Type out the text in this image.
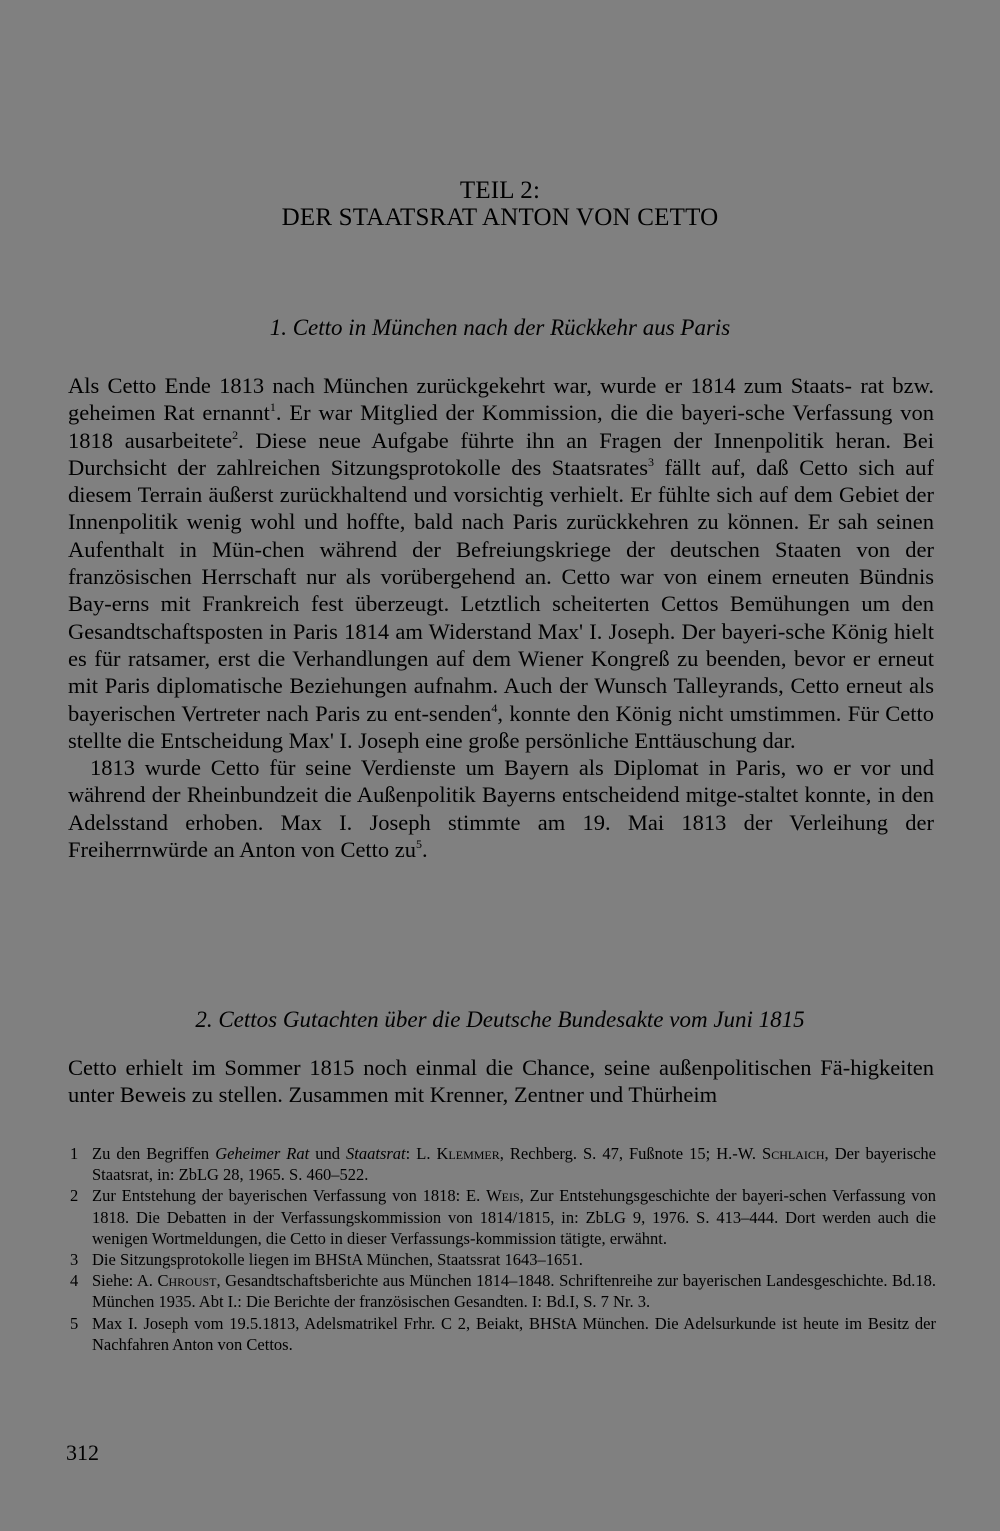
TEIL 2:
DER STAATSRAT ANTON VON CETTO
1. Cetto in München nach der Rückkehr aus Paris

Als Cetto Ende 1813 nach München zurückgekehrt war, wurde er 1814 zum Staats- rat bzw. geheimen Rat ernannt$^1$. Er war Mitglied der Kommission, die die bayeri-sche Verfassung von 1818 ausarbeitete$^2$. Diese neue Aufgabe führte ihn an Fragen der Innenpolitik heran. Bei Durchsicht der zahlreichen Sitzungsprotokolle des Staatsrates$^3$ fällt auf, daß Cetto sich auf diesem Terrain äußerst zurückhaltend und vorsichtig verhielt. Er fühlte sich auf dem Gebiet der Innenpolitik wenig wohl und hoffte, bald nach Paris zurückkehren zu können. Er sah seinen Aufenthalt in Mün-chen während der Befreiungskriege der deutschen Staaten von der französischen Herrschaft nur als vorübergehend an. Cetto war von einem erneuten Bündnis Bay-erns mit Frankreich fest überzeugt. Letztlich scheiterten Cettos Bemühungen um den Gesandtschaftsposten in Paris 1814 am Widerstand Max' I. Joseph. Der bayeri-sche König hielt es für ratsamer, erst die Verhandlungen auf dem Wiener Kongreß zu beenden, bevor er erneut mit Paris diplomatische Beziehungen aufnahm. Auch der Wunsch Talleyrands, Cetto erneut als bayerischen Vertreter nach Paris zu ent-senden$^4$, konnte den König nicht umstimmen. Für Cetto stellte die Entscheidung Max' I. Joseph eine große persönliche Enttäuschung dar.

1813 wurde Cetto für seine Verdienste um Bayern als Diplomat in Paris, wo er vor und während der Rheinbundzeit die Außenpolitik Bayerns entscheidend mitge-staltet konnte, in den Adelsstand erhoben. Max I. Joseph stimmte am 19. Mai 1813 der Verleihung der Freiherrnwürde an Anton von Cetto $zu^5$.

2. Cettos Gutachten über die Deutsche Bundesakte vom Juni 1815

Cetto erhielt im Sommer 1815 noch einmal die Chance, seine außenpolitischen Fä-higkeiten unter Beweis zu stellen. Zusammen mit Krenner, Zentner und Thürheim

1 Zu den Begriffen Geheimer Rat und Staatsrat: L. Klemmer, Rechberg. S. 47, Fußnote 15; H.-W. Schlaich, Der bayerische Staatsrat, in: ZbLG 28, 1965. S. 460–522.

2 Zur Entstehung der bayerischen Verfassung von 1818: E. Weis, Zur Entstehungsgeschichte der bayeri-schen Verfassung von 1818. Die Debatten in der Verfassungskommission von 1814/1815, in: ZbLG 9, 1976. S. 413–444. Dort werden auch die wenigen Wortmeldungen, die Cetto in dieser Verfassungs-kommission tätigte, erwähnt.

3 Die Sitzungsprotokolle liegen im BHStA München, Staatssrat 1643–1651.

4 Siehe: A. Chroust, Gesandtschaftsberichte aus München 1814–1848. Schriftenreihe zur bayerischen Landesgeschichte. Bd.18. München 1935. Abt I.: Die Berichte der französischen Gesandten. I: Bd.I, S. 7 Nr. 3.

5 Max I. Joseph vom 19.5.1813, Adelsmatrikel Frhr. C 2, Beiakt, BHStA München. Die Adelsurkunde ist heute im Besitz der Nachfahren Anton von Cettos.

312
